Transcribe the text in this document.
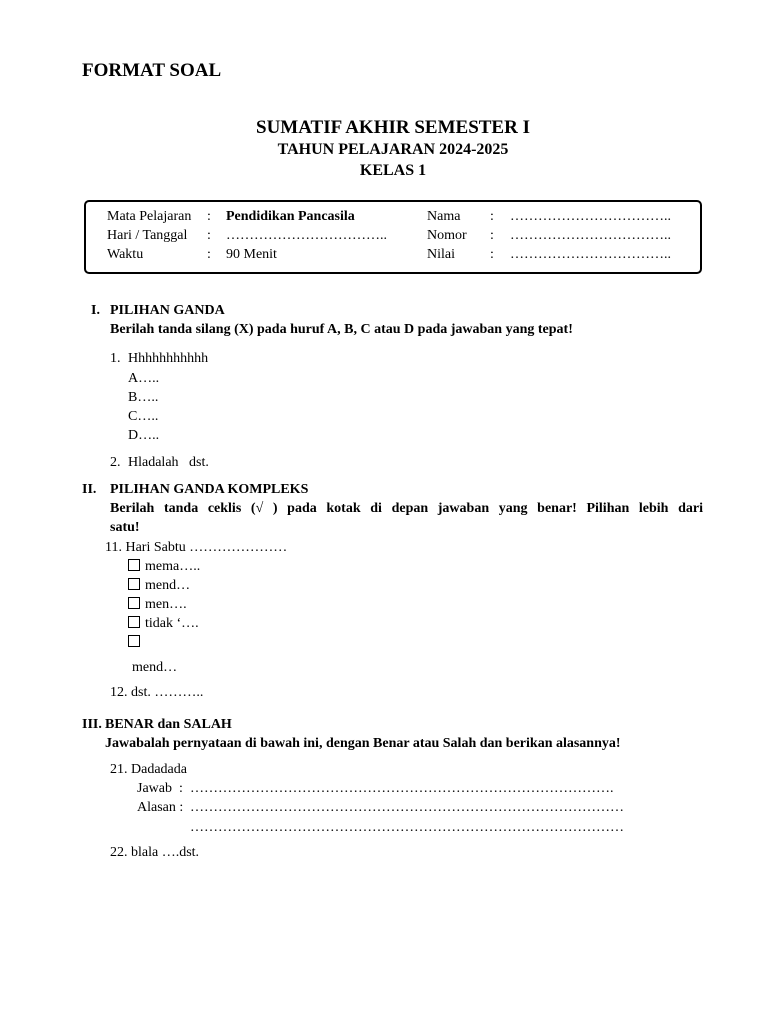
FORMAT SOAL
SUMATIF AKHIR SEMESTER I
TAHUN PELAJARAN 2024-2025
KELAS 1
Mata Pelajaran : Pendidikan Pancasila	Nama : ……………………………..
Hari / Tanggal : ……………………………..	Nomor : ……………………………..
Waktu	: 90 Menit	Nilai	: ……………………………..
I. PILIHAN GANDA
Berilah tanda silang (X) pada huruf A, B, C atau D pada jawaban yang tepat!
1. Hhhhhhhhhhh
A…..
B…..
C…..
D…..
2. Hladalah   dst.
II. PILIHAN GANDA KOMPLEKS
Berilah tanda ceklis (√ ) pada kotak di depan jawaban yang benar! Pilihan lebih dari
satu!
11. Hari Sabtu …………………
mema…..
mend…
men….
tidak ‘….
mend…
12. dst. ………..
III. BENAR dan SALAH
Jawabalah pernyataan di bawah ini, dengan Benar atau Salah dan berikan alasannya!
21. Dadadada
Jawab  : ……………………………………………………………………………….
Alasan : …………………………………………………………………………………
…………………………………………………………………………………
22. blala ….dst.
